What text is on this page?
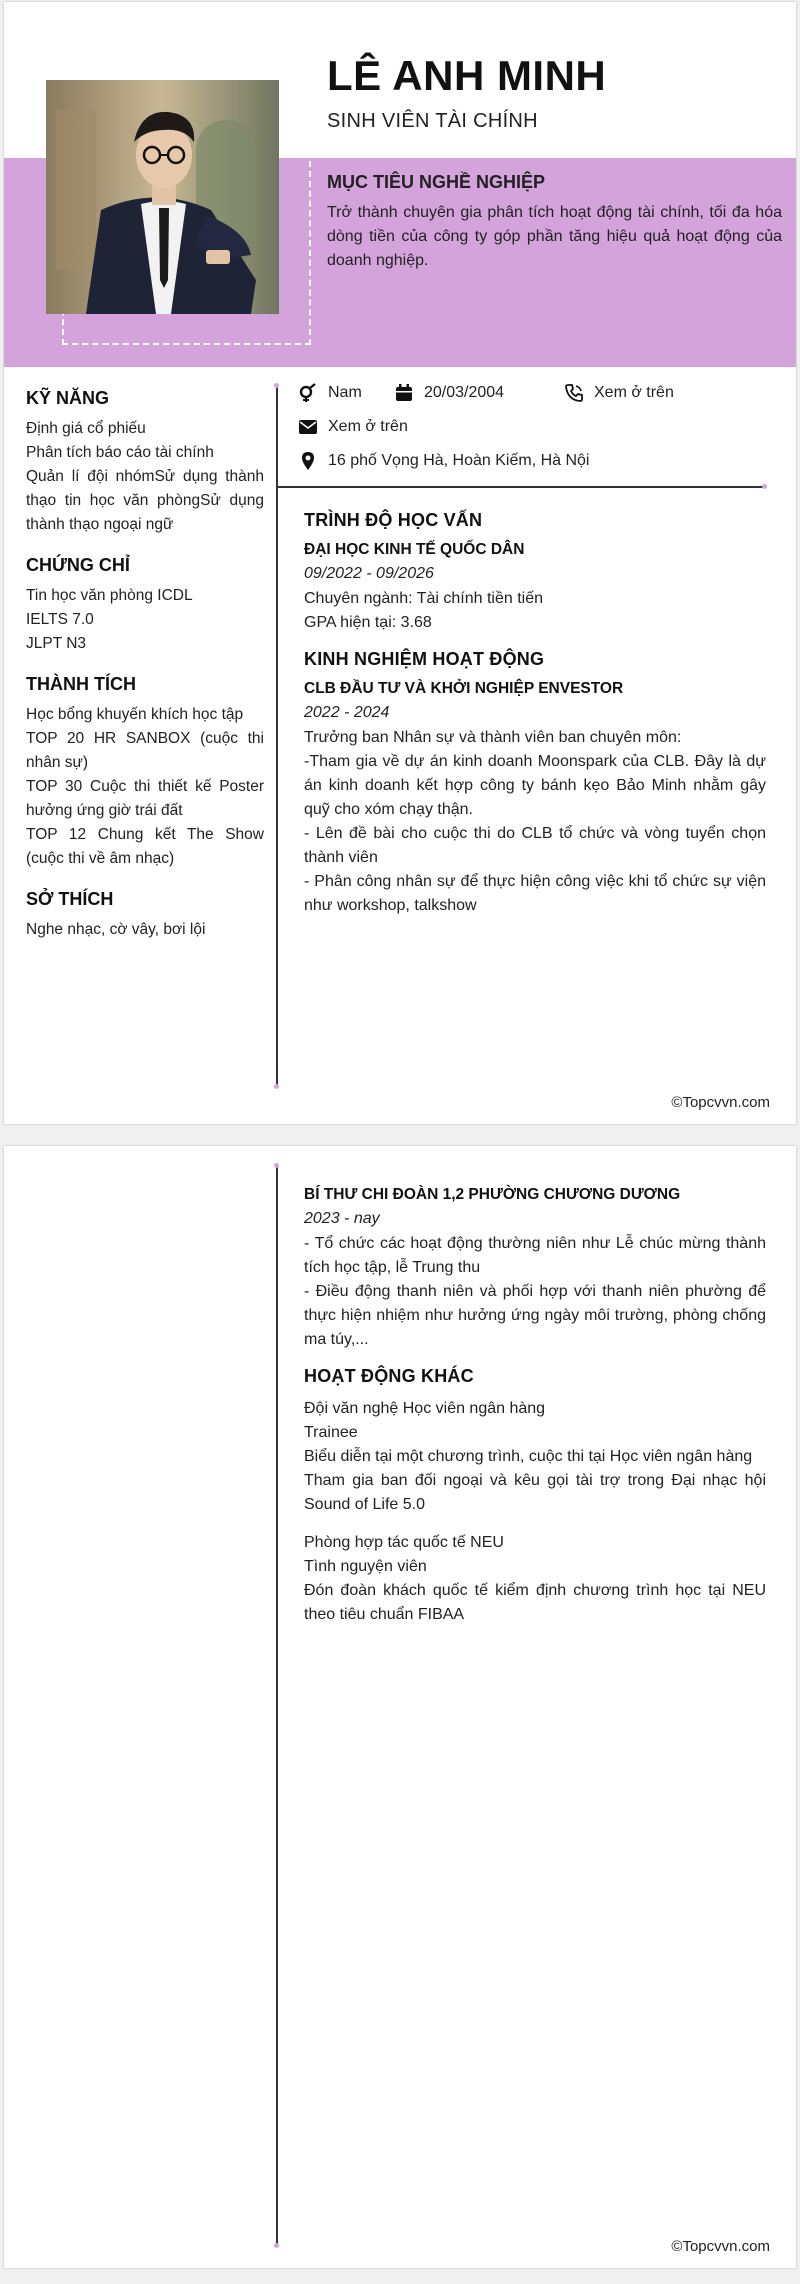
LÊ ANH MINH
SINH VIÊN TÀI CHÍNH
MỤC TIÊU NGHỀ NGHIỆP
Trở thành chuyên gia phân tích hoạt động tài chính, tối đa hóa dòng tiền của công ty góp phần tăng hiệu quả hoạt động của doanh nghiệp.
KỸ NĂNG
Định giá cổ phiếu
Phân tích báo cáo tài chính
Quản lí đội nhómSử dụng thành thạo tin học văn phòngSử dụng thành thạo ngoại ngữ
CHỨNG CHỈ
Tin học văn phòng ICDL
IELTS 7.0
JLPT N3
THÀNH TÍCH
Học bổng khuyến khích học tập
TOP 20 HR SANBOX (cuộc thi nhân sự)
TOP 30 Cuộc thi thiết kế Poster hưởng ứng giờ trái đất
TOP 12 Chung kết The Show (cuộc thi về âm nhạc)
SỞ THÍCH
Nghe nhạc, cờ vây, bơi lội
Nam	20/03/2004	Xem ở trên
Xem ở trên
16 phố Vọng Hà, Hoàn Kiếm, Hà Nội
TRÌNH ĐỘ HỌC VẤN
ĐẠI HỌC KINH TẾ QUỐC DÂN
09/2022 - 09/2026
Chuyên ngành: Tài chính tiền tiến
GPA hiện tại: 3.68
KINH NGHIỆM HOẠT ĐỘNG
CLB ĐẦU TƯ VÀ KHỞI NGHIỆP ENVESTOR
2022 - 2024
Trưởng ban Nhân sự và thành viên ban chuyên môn:
-Tham gia về dự án kinh doanh Moonspark của CLB. Đây là dự án kinh doanh kết hợp công ty bánh kẹo Bảo Minh nhằm gây quỹ cho xóm chạy thận.
- Lên đề bài cho cuộc thi do CLB tổ chức và vòng tuyển chọn thành viên
- Phân công nhân sự để thực hiện công việc khi tổ chức sự viện như workshop, talkshow
©Topcvvn.com
BÍ THƯ CHI ĐOÀN 1,2 PHƯỜNG CHƯƠNG DƯƠNG
2023 - nay
- Tổ chức các hoạt động thường niên như Lễ chúc mừng thành tích học tập, lễ Trung thu
- Điều động thanh niên và phối hợp với thanh niên phường để thực hiện nhiệm như hưởng ứng ngày môi trường, phòng chống ma túy,...
HOẠT ĐỘNG KHÁC
Đội văn nghệ Học viên ngân hàng
Trainee
Biểu diễn tại một chương trình, cuộc thi tại Học viên ngân hàng
Tham gia ban đối ngoại và kêu gọi tài trợ trong Đại nhạc hội Sound of Life 5.0
Phòng hợp tác quốc tế NEU
Tình nguyện viên
Đón đoàn khách quốc tế kiểm định chương trình học tại NEU theo tiêu chuẩn FIBAA
©Topcvvn.com
